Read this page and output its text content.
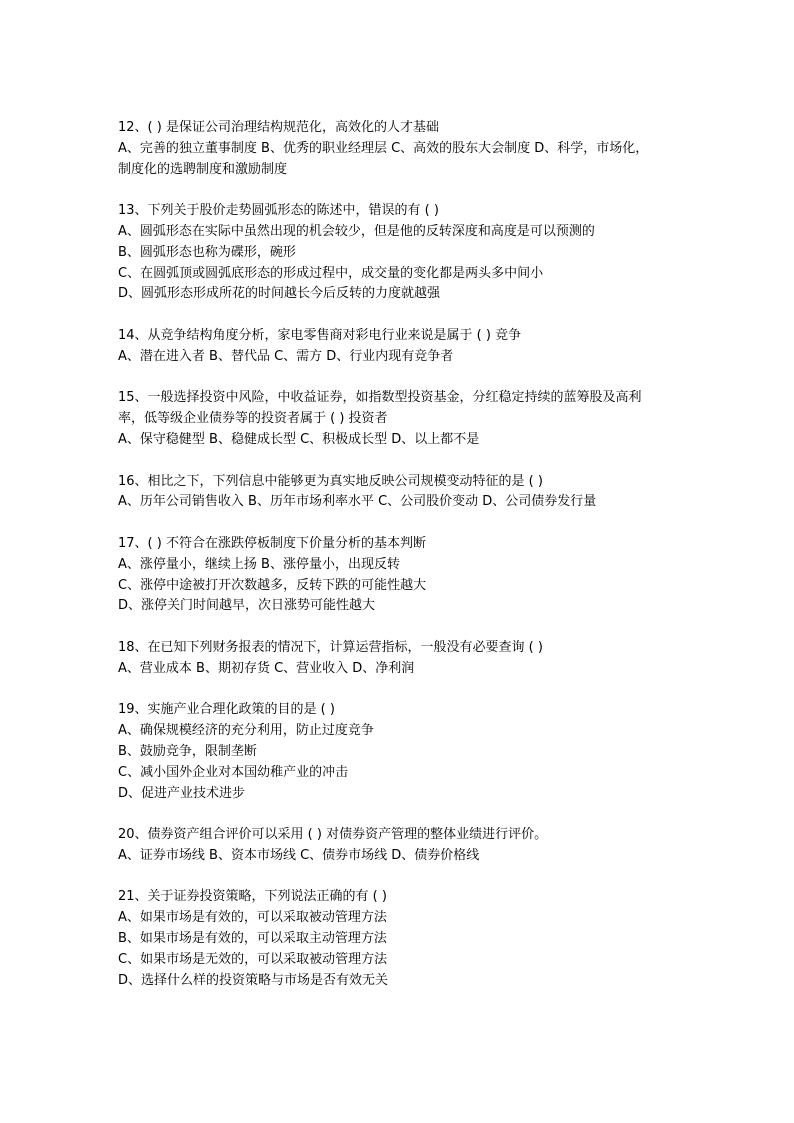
12、( ) 是保证公司治理结构规范化，高效化的人才基础
A、完善的独立董事制度 B、优秀的职业经理层 C、高效的股东大会制度 D、科学，市场化，
制度化的选聘制度和激励制度
13、下列关于股价走势圆弧形态的陈述中，错误的有 ( )
A、圆弧形态在实际中虽然出现的机会较少，但是他的反转深度和高度是可以预测的
B、圆弧形态也称为碟形，碗形
C、在圆弧顶或圆弧底形态的形成过程中，成交量的变化都是两头多中间小
D、圆弧形态形成所花的时间越长今后反转的力度就越强
14、从竞争结构角度分析，家电零售商对彩电行业来说是属于 ( ) 竞争
A、潜在进入者 B、替代品 C、需方 D、行业内现有竞争者
15、一般选择投资中风险，中收益证券，如指数型投资基金，分红稳定持续的蓝筹股及高利
率，低等级企业债券等的投资者属于 ( ) 投资者
A、保守稳健型 B、稳健成长型 C、积极成长型 D、以上都不是
16、相比之下，下列信息中能够更为真实地反映公司规模变动特征的是 ( )
A、历年公司销售收入 B、历年市场利率水平 C、公司股价变动 D、公司债券发行量
17、( ) 不符合在涨跌停板制度下价量分析的基本判断
A、涨停量小，继续上扬 B、涨停量小，出现反转
C、涨停中途被打开次数越多，反转下跌的可能性越大
D、涨停关门时间越早，次日涨势可能性越大
18、在已知下列财务报表的情况下，计算运营指标，一般没有必要查询 ( )
A、营业成本 B、期初存货 C、营业收入 D、净利润
19、实施产业合理化政策的目的是 ( )
A、确保规模经济的充分利用，防止过度竞争
B、鼓励竞争，限制垄断
C、减小国外企业对本国幼稚产业的冲击
D、促进产业技术进步
20、债券资产组合评价可以采用 ( ) 对债券资产管理的整体业绩进行评价。
A、证券市场线 B、资本市场线 C、债券市场线 D、债券价格线
21、关于证券投资策略，下列说法正确的有 ( )
A、如果市场是有效的，可以采取被动管理方法
B、如果市场是有效的，可以采取主动管理方法
C、如果市场是无效的，可以采取被动管理方法
D、选择什么样的投资策略与市场是否有效无关
